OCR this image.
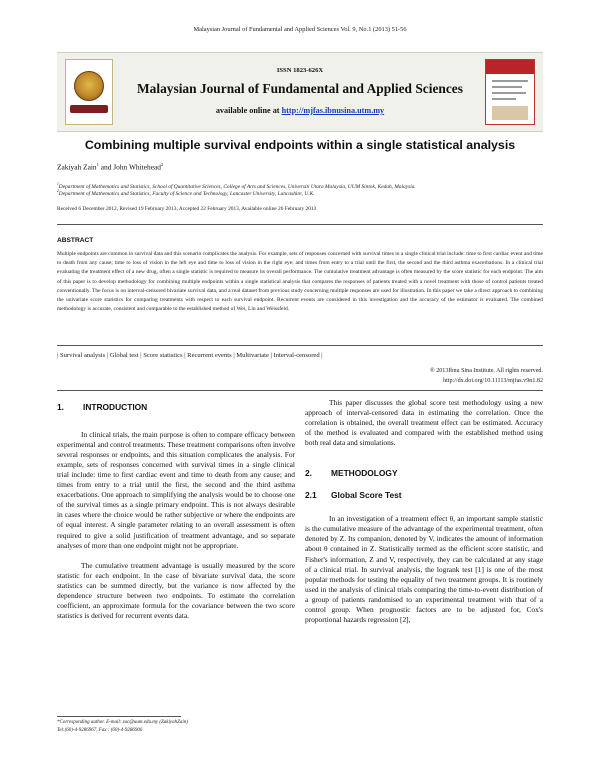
Malaysian Journal of Fundamental and Applied Sciences Vol. 9, No.1 (2013) 51-56
ISSN 1823-626X
Malaysian Journal of Fundamental and Applied Sciences
available online at http://mjfas.ibnusina.utm.my
Combining multiple survival endpoints within a single statistical analysis
Zakiyah Zain$^1$ and John Whitehead$^2$
$^1$Department of Mathematics and Statistics, School of Quantitative Sciences, College of Arts and Sciences, Universiti Utara Malaysia, UUM Sintok, Kedah, Malaysia.
$^2$Department of Mathematics and Statistics, Faculty of Science and Technology, Lancaster University, Lancashire, U.K.
Received 6 December 2012, Revised 19 February 2013, Accepted 22 February 2013, Available online 26 February 2013
ABSTRACT
Multiple endpoints are common in survival data and this scenario complicates the analysis. For example, sets of responses concerned with survival times in a single clinical trial include: time to first cardiac event and time to death from any cause; time to loss of vision in the left eye and time to loss of vision in the right eye; and times from entry to a trial until the first, the second and the third asthma exacerbations. In a clinical trial evaluating the treatment effect of a new drug, often a single statistic is required to measure its overall performance. The cumulative treatment advantage is often measured by the score statistic for each endpoint. The aim of this paper is to develop methodology for combining multiple endpoints within a single statistical analysis that compares the responses of patients treated with a novel treatment with those of control patients treated conventionally. The focus is on interval-censored bivariate survival data, and a real dataset from previous study concerning multiple responses are used for illustration. In this paper we take a direct approach to combining the univariate score statistics for comparing treatments with respect to each survival endpoint. Recurrent events are considered in this investigation and the accuracy of the estimator is evaluated. The combined methodology is accurate, consistent and comparable to the established method of Wei, Lin and Weissfeld.
| Survival analysis | Global test | Score statistics | Recurrent events | Multivariate | Interval-censored |
® 2013Ibnu Sina Institute. All rights reserved.
http://dx.doi.org/10.11113/mjfas.v9n1.82
1. INTRODUCTION
In clinical trials, the main purpose is often to compare efficacy between experimental and control treatments. These treatment comparisons often involve several responses or endpoints, and this situation complicates the analysis. For example, sets of responses concerned with survival times in a single clinical trial include: time to first cardiac event and time to death from any cause; and times from entry to a trial until the first, the second and the third asthma exacerbations. One approach to simplifying the analysis would be to choose one of the survival times as a single primary endpoint. This is not always desirable in cases where the choice would be rather subjective or where the endpoints are of equal interest. A single parameter relating to an overall assessment is often required to give a solid justification of treatment advantage, and so separate analyses of more than one endpoint might not be appropriate.
The cumulative treatment advantage is usually measured by the score statistic for each endpoint. In the case of bivariate survival data, the score statistics can be summed directly, but the variance is now affected by the dependence structure between two endpoints. To estimate the correlation coefficient, an approximate formula for the covariance between the two score statistics is derived for recurrent events data.
This paper discusses the global score test methodology using a new approach of interval-censored data in estimating the correlation. Once the correlation is obtained, the overall treatment effect can be estimated. Accuracy of the method is evaluated and compared with the established method using both real data and simulations.
2. METHODOLOGY
2.1 Global Score Test
In an investigation of a treatment effect θ, an important sample statistic is the cumulative measure of the advantage of the experimental treatment, often denoted by Z. Its companion, denoted by V, indicates the amount of information about θ contained in Z. Statistically termed as the efficient score statistic, and Fisher's information, Z and V, respectively, they can be calculated at any stage of a clinical trial. In survival analysis, the logrank test [1] is one of the most popular methods for testing the equality of two treatment groups. It is routinely used in the analysis of clinical trials comparing the time-to-event distribution of a group of patients randomised to an experimental treatment with that of a control group. When prognostic factors are to be adjusted for, Cox's proportional hazards regression [2],
*Corresponding author. E-mail: zac@uum.edu.my (ZakiyahZain)
Tel:(60)-4-9286967, Fax : (60)-4-9286906
